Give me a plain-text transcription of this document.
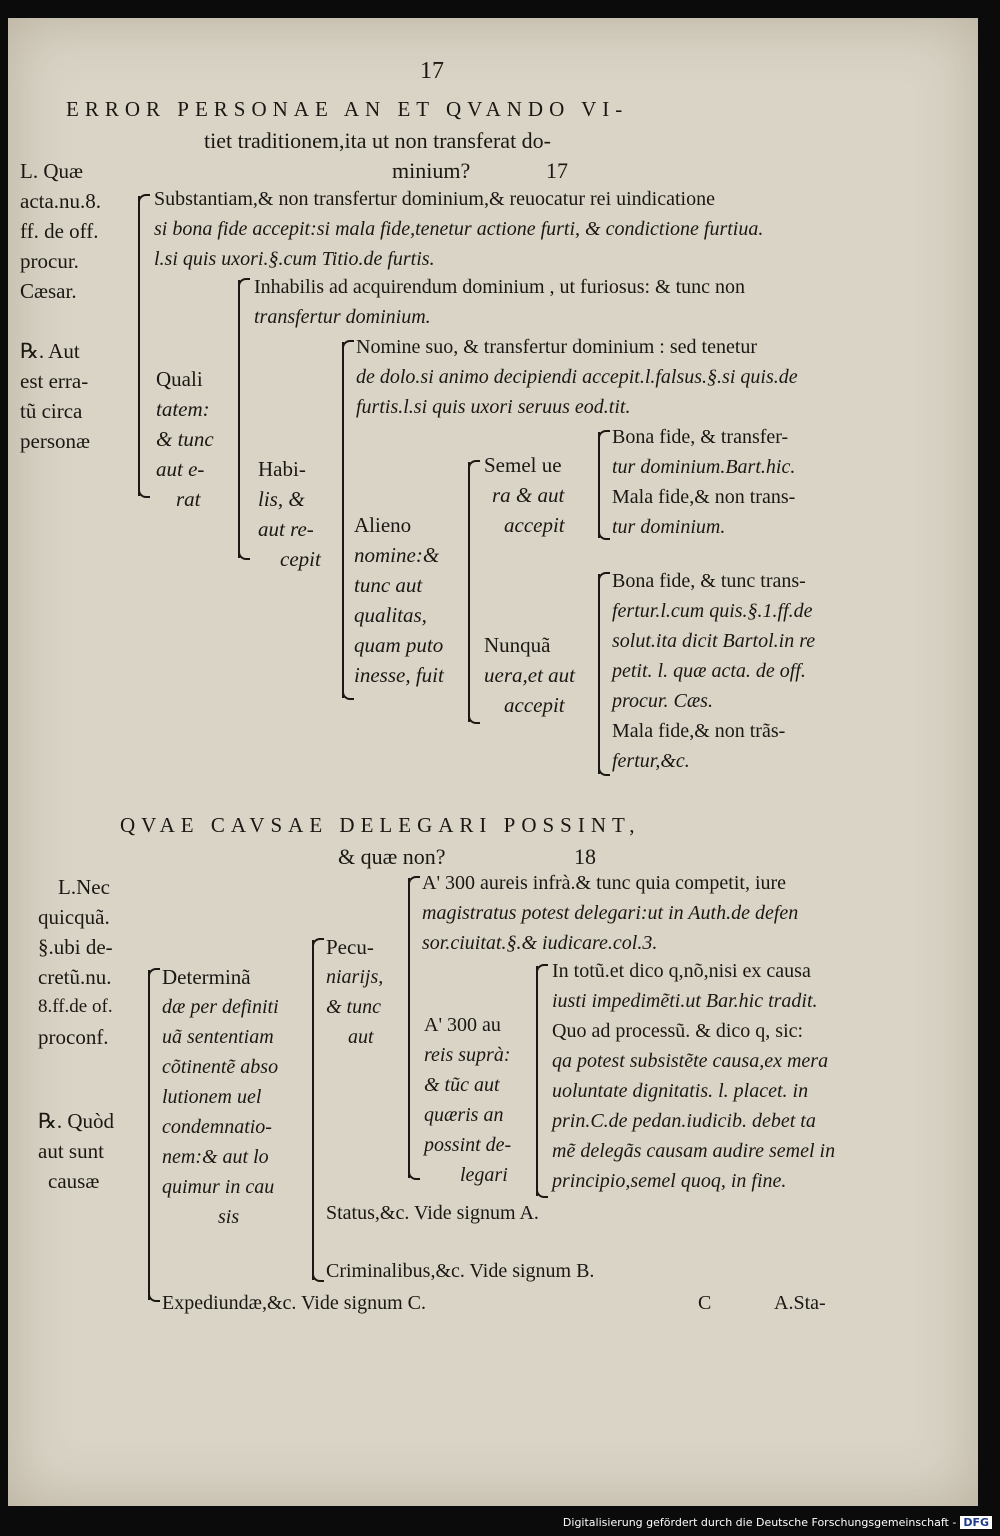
17
ERROR PERSONAE AN ET QVANDO VI-
tiet traditionem,ita ut non transferat do-
minium?	17
L. Quæ
acta.nu.8.
ff. de off.
procur.
Cæsar.
℞. Aut
est erra-
tũ circa
personæ
Substantiam,& non transfertur dominium,& reuocatur rei uindicatione
si bona fide accepit:si mala fide,tenetur actione furti, & condictione furtiua.
l.si quis uxori.§.cum Titio.de furtis.
Quali
tatem:
& tunc
aut e-
rat
Inhabilis ad acquirendum dominium , ut furiosus: & tunc non
transfertur dominium.
Habi-
lis, &
aut re-
cepit
Nomine suo, & transfertur dominium : sed tenetur
de dolo.si animo decipiendi accepit.l.falsus.§.si quis.de
furtis.l.si quis uxori seruus eod.tit.
Alieno
nomine:&
tunc aut
qualitas,
quam puto
inesse, fuit
Semel ue
ra & aut
accepit
Bona fide, & transfer-
tur dominium.Bart.hic.
Mala fide,& non trans-
tur dominium.
Nunquã
uera,et aut
accepit
Bona fide, & tunc trans-
fertur.l.cum quis.§.1.ff.de
solut.ita dicit Bartol.in re
petit. l. quæ acta. de off.
procur. Cæs.
Mala fide,& non trãs-
fertur,&c.
QVAE CAVSAE DELEGARI POSSINT,
& quæ non?	18
L.Nec
quicquã.
§.ubi de-
cretũ.nu.
8.ff.de of.
proconf.
℞. Quòd
aut sunt
causæ
Determinã
dæ per definiti
uã sententiam
cõtinentẽ abso
lutionem uel
condemnatio-
nem:& aut lo
quimur in cau
sis
Pecu-
niarijs,
& tunc
aut
A' 300 aureis infrà.& tunc quia competit, iure
magistratus potest delegari:ut in Auth.de defen
sor.ciuitat.§.& iudicare.col.3.
A' 300 au
reis suprà:
& tũc aut
quæris an
possint de-
legari
In totũ.et dico q,nõ,nisi ex causa
iusti impedimẽti.ut Bar.hic tradit.
Quo ad processũ. & dico q, sic:
qa potest subsistẽte causa,ex mera
uoluntate dignitatis. l. placet. in
prin.C.de pedan.iudicib. debet ta
mẽ delegãs causam audire semel in
principio,semel quoq, in fine.
Status,&c. Vide signum A.
Criminalibus,&c. Vide signum B.
Expediundæ,&c. Vide signum C.	C	A.Sta-
Digitalisierung gefördert durch die Deutsche Forschungsgemeinschaft - DFG
